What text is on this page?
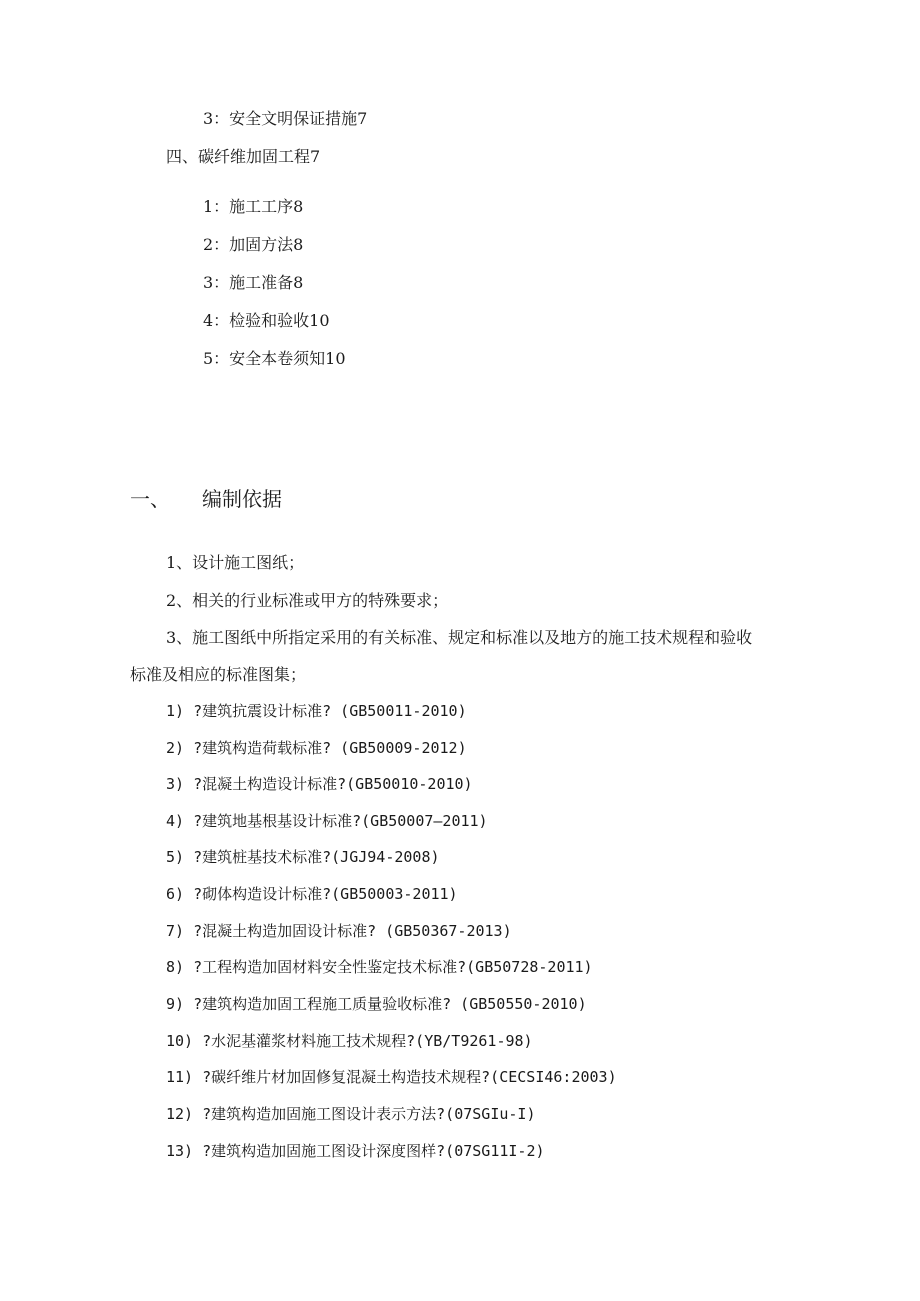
3：安全文明保证措施7
四、碳纤维加固工程7
1：施工工序8
2：加固方法8
3：施工准备8
4：检验和验收10
5：安全本卷须知10
一、 编制依据
1、设计施工图纸；
2、相关的行业标准或甲方的特殊要求；
3、施工图纸中所指定采用的有关标准、规定和标准以及地方的施工技术规程和验收
标准及相应的标准图集；
1) ?建筑抗震设计标准? (GB50011-2010)
2) ?建筑构造荷载标准? (GB50009-2012)
3) ?混凝土构造设计标准?(GB50010-2010)
4) ?建筑地基根基设计标准?(GB50007—2011)
5) ?建筑桩基技术标准?(JGJ94-2008)
6) ?砌体构造设计标准?(GB50003-2011)
7) ?混凝土构造加固设计标准? (GB50367-2013)
8) ?工程构造加固材料安全性鉴定技术标准?(GB50728-2011)
9) ?建筑构造加固工程施工质量验收标准? (GB50550-2010)
10) ?水泥基灌浆材料施工技术规程?(YB/T9261-98)
11) ?碳纤维片材加固修复混凝土构造技术规程?(CECSI46:2003)
12) ?建筑构造加固施工图设计表示方法?(07SGIu-I)
13) ?建筑构造加固施工图设计深度图样?(07SG11I-2)
